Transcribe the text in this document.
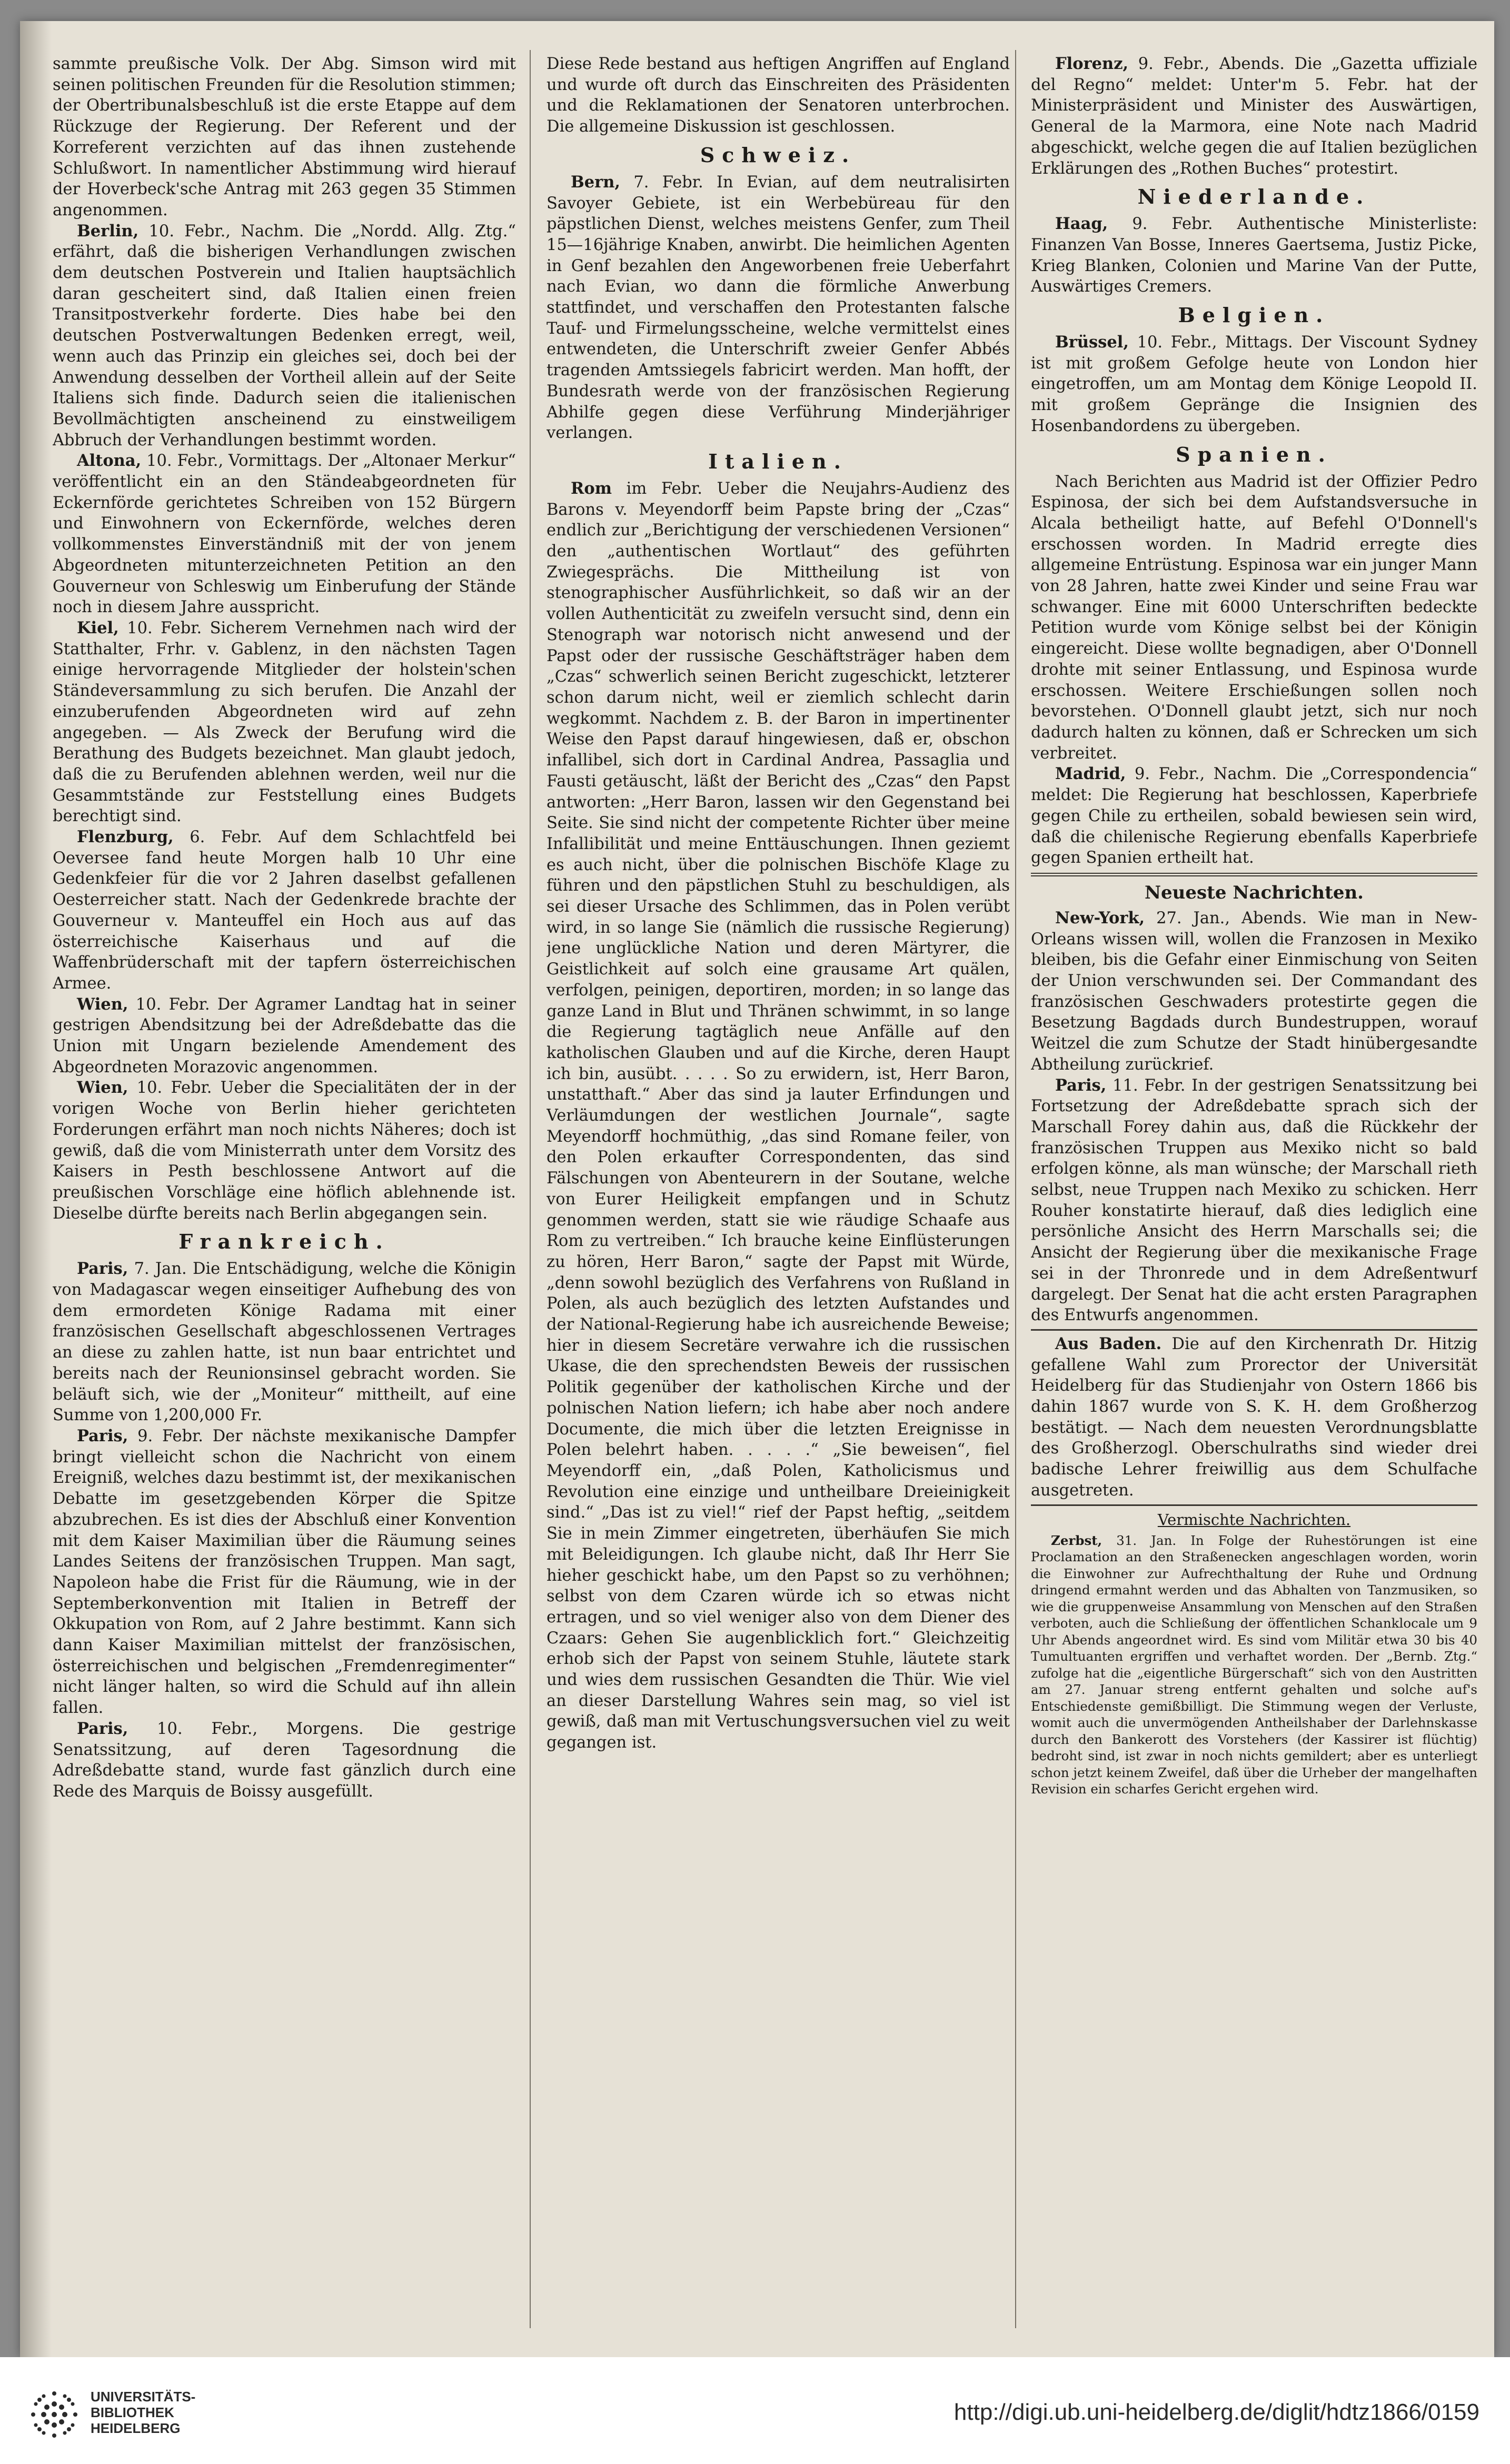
sammte preußische Volk. Der Abg. Simson wird mit seinen politischen Freunden für die Resolution stimmen; der Obertribunalsbeschluß ist die erste Etappe auf dem Rückzuge der Regierung. Der Referent und der Korreferent verzichten auf das ihnen zustehende Schlußwort. In namentlicher Abstimmung wird hierauf der Hoverbeck'sche Antrag mit 263 gegen 35 Stimmen angenommen.

Berlin, 10. Febr., Nachm. Die „Nordd. Allg. Ztg.“ erfährt, daß die bisherigen Verhandlungen zwischen dem deutschen Postverein und Italien hauptsächlich daran gescheitert sind, daß Italien einen freien Transitpostverkehr forderte. Dies habe bei den deutschen Postverwaltungen Bedenken erregt, weil, wenn auch das Prinzip ein gleiches sei, doch bei der Anwendung desselben der Vortheil allein auf der Seite Italiens sich finde. Dadurch seien die italienischen Bevollmächtigten anscheinend zu einstweiligem Abbruch der Verhandlungen bestimmt worden.

Altona, 10. Febr., Vormittags. Der „Altonaer Merkur“ veröffentlicht ein an den Ständeabgeordneten für Eckernförde gerichtetes Schreiben von 152 Bürgern und Einwohnern von Eckernförde, welches deren vollkommenstes Einverständniß mit der von jenem Abgeordneten mitunterzeichneten Petition an den Gouverneur von Schleswig um Einberufung der Stände noch in diesem Jahre ausspricht.

Kiel, 10. Febr. Sicherem Vernehmen nach wird der Statthalter, Frhr. v. Gablenz, in den nächsten Tagen einige hervorragende Mitglieder der holstein'schen Ständeversammlung zu sich berufen. Die Anzahl der einzuberufenden Abgeordneten wird auf zehn angegeben. — Als Zweck der Berufung wird die Berathung des Budgets bezeichnet. Man glaubt jedoch, daß die zu Berufenden ablehnen werden, weil nur die Gesammtstände zur Feststellung eines Budgets berechtigt sind.

Flenzburg, 6. Febr. Auf dem Schlachtfeld bei Oeversee fand heute Morgen halb 10 Uhr eine Gedenkfeier für die vor 2 Jahren daselbst gefallenen Oesterreicher statt. Nach der Gedenkrede brachte der Gouverneur v. Manteuffel ein Hoch aus auf das österreichische Kaiserhaus und auf die Waffenbrüderschaft mit der tapfern österreichischen Armee.

Wien, 10. Febr. Der Agramer Landtag hat in seiner gestrigen Abendsitzung bei der Adreßdebatte das die Union mit Ungarn bezielende Amendement des Abgeordneten Morazovic angenommen.

Wien, 10. Febr. Ueber die Specialitäten der in der vorigen Woche von Berlin hieher gerichteten Forderungen erfährt man noch nichts Näheres; doch ist gewiß, daß die vom Ministerrath unter dem Vorsitz des Kaisers in Pesth beschlossene Antwort auf die preußischen Vorschläge eine höflich ablehnende ist. Dieselbe dürfte bereits nach Berlin abgegangen sein.

Frankreich.

Paris, 7. Jan. Die Entschädigung, welche die Königin von Madagascar wegen einseitiger Aufhebung des von dem ermordeten Könige Radama mit einer französischen Gesellschaft abgeschlossenen Vertrages an diese zu zahlen hatte, ist nun baar entrichtet und bereits nach der Reunionsinsel gebracht worden. Sie beläuft sich, wie der „Moniteur“ mittheilt, auf eine Summe von 1,200,000 Fr.

Paris, 9. Febr. Der nächste mexikanische Dampfer bringt vielleicht schon die Nachricht von einem Ereigniß, welches dazu bestimmt ist, der mexikanischen Debatte im gesetzgebenden Körper die Spitze abzubrechen. Es ist dies der Abschluß einer Konvention mit dem Kaiser Maximilian über die Räumung seines Landes Seitens der französischen Truppen. Man sagt, Napoleon habe die Frist für die Räumung, wie in der Septemberkonvention mit Italien in Betreff der Okkupation von Rom, auf 2 Jahre bestimmt. Kann sich dann Kaiser Maximilian mittelst der französischen, österreichischen und belgischen „Fremdenregimenter“ nicht länger halten, so wird die Schuld auf ihn allein fallen.

Paris, 10. Febr., Morgens. Die gestrige Senatssitzung, auf deren Tagesordnung die Adreßdebatte stand, wurde fast gänzlich durch eine Rede des Marquis de Boissy ausgefüllt.

Diese Rede bestand aus heftigen Angriffen auf England und wurde oft durch das Einschreiten des Präsidenten und die Reklamationen der Senatoren unterbrochen. Die allgemeine Diskussion ist geschlossen.

Schweiz.

Bern, 7. Febr. In Evian, auf dem neutralisirten Savoyer Gebiete, ist ein Werbebüreau für den päpstlichen Dienst, welches meistens Genfer, zum Theil 15—16jährige Knaben, anwirbt. Die heimlichen Agenten in Genf bezahlen den Angeworbenen freie Ueberfahrt nach Evian, wo dann die förmliche Anwerbung stattfindet, und verschaffen den Protestanten falsche Tauf- und Firmelungsscheine, welche vermittelst eines entwendeten, die Unterschrift zweier Genfer Abbés tragenden Amtssiegels fabricirt werden. Man hofft, der Bundesrath werde von der französischen Regierung Abhilfe gegen diese Verführung Minderjähriger verlangen.

Italien.

Rom im Febr. Ueber die Neujahrs-Audienz des Barons v. Meyendorff beim Papste bring der „Czas“ endlich zur „Berichtigung der verschiedenen Versionen“ den „authentischen Wortlaut“ des geführten Zwiegesprächs. Die Mittheilung ist von stenographischer Ausführlichkeit, so daß wir an der vollen Authenticität zu zweifeln versucht sind, denn ein Stenograph war notorisch nicht anwesend und der Papst oder der russische Geschäftsträger haben dem „Czas“ schwerlich seinen Bericht zugeschickt, letzterer schon darum nicht, weil er ziemlich schlecht darin wegkommt. Nachdem z. B. der Baron in impertinenter Weise den Papst darauf hingewiesen, daß er, obschon infallibel, sich dort in Cardinal Andrea, Passaglia und Fausti getäuscht, läßt der Bericht des „Czas“ den Papst antworten: „Herr Baron, lassen wir den Gegenstand bei Seite. Sie sind nicht der competente Richter über meine Infallibilität und meine Enttäuschungen. Ihnen geziemt es auch nicht, über die polnischen Bischöfe Klage zu führen und den päpstlichen Stuhl zu beschuldigen, als sei dieser Ursache des Schlimmen, das in Polen verübt wird, in so lange Sie (nämlich die russische Regierung) jene unglückliche Nation und deren Märtyrer, die Geistlichkeit auf solch eine grausame Art quälen, verfolgen, peinigen, deportiren, morden; in so lange das ganze Land in Blut und Thränen schwimmt, in so lange die Regierung tagtäglich neue Anfälle auf den katholischen Glauben und auf die Kirche, deren Haupt ich bin, ausübt. . . . . So zu erwidern, ist, Herr Baron, unstatthaft.“ Aber das sind ja lauter Erfindungen und Verläumdungen der westlichen Journale“, sagte Meyendorff hochmüthig, „das sind Romane feiler, von den Polen erkaufter Correspondenten, das sind Fälschungen von Abenteurern in der Soutane, welche von Eurer Heiligkeit empfangen und in Schutz genommen werden, statt sie wie räudige Schaafe aus Rom zu vertreiben.“ Ich brauche keine Einflüsterungen zu hören, Herr Baron,“ sagte der Papst mit Würde, „denn sowohl bezüglich des Verfahrens von Rußland in Polen, als auch bezüglich des letzten Aufstandes und der National-Regierung habe ich ausreichende Beweise; hier in diesem Secretäre verwahre ich die russischen Ukase, die den sprechendsten Beweis der russischen Politik gegenüber der katholischen Kirche und der polnischen Nation liefern; ich habe aber noch andere Documente, die mich über die letzten Ereignisse in Polen belehrt haben. . . . .“ „Sie beweisen“, fiel Meyendorff ein, „daß Polen, Katholicismus und Revolution eine einzige und untheilbare Dreieinigkeit sind.“ „Das ist zu viel!“ rief der Papst heftig, „seitdem Sie in mein Zimmer eingetreten, überhäufen Sie mich mit Beleidigungen. Ich glaube nicht, daß Ihr Herr Sie hieher geschickt habe, um den Papst so zu verhöhnen; selbst von dem Czaren würde ich so etwas nicht ertragen, und so viel weniger also von dem Diener des Czaars: Gehen Sie augenblicklich fort.“ Gleichzeitig erhob sich der Papst von seinem Stuhle, läutete stark und wies dem russischen Gesandten die Thür. Wie viel an dieser Darstellung Wahres sein mag, so viel ist gewiß, daß man mit Vertuschungsversuchen viel zu weit gegangen ist.

Florenz, 9. Febr., Abends. Die „Gazetta uffiziale del Regno“ meldet: Unter'm 5. Febr. hat der Ministerpräsident und Minister des Auswärtigen, General de la Marmora, eine Note nach Madrid abgeschickt, welche gegen die auf Italien bezüglichen Erklärungen des „Rothen Buches“ protestirt.

Niederlande.

Haag, 9. Febr. Authentische Ministerliste: Finanzen Van Bosse, Inneres Gaertsema, Justiz Picke, Krieg Blanken, Colonien und Marine Van der Putte, Auswärtiges Cremers.

Belgien.

Brüssel, 10. Febr., Mittags. Der Viscount Sydney ist mit großem Gefolge heute von London hier eingetroffen, um am Montag dem Könige Leopold II. mit großem Gepränge die Insignien des Hosenbandordens zu übergeben.

Spanien.

Nach Berichten aus Madrid ist der Offizier Pedro Espinosa, der sich bei dem Aufstandsversuche in Alcala betheiligt hatte, auf Befehl O'Donnell's erschossen worden. In Madrid erregte dies allgemeine Entrüstung. Espinosa war ein junger Mann von 28 Jahren, hatte zwei Kinder und seine Frau war schwanger. Eine mit 6000 Unterschriften bedeckte Petition wurde vom Könige selbst bei der Königin eingereicht. Diese wollte begnadigen, aber O'Donnell drohte mit seiner Entlassung, und Espinosa wurde erschossen. Weitere Erschießungen sollen noch bevorstehen. O'Donnell glaubt jetzt, sich nur noch dadurch halten zu können, daß er Schrecken um sich verbreitet.

Madrid, 9. Febr., Nachm. Die „Correspondencia“ meldet: Die Regierung hat beschlossen, Kaperbriefe gegen Chile zu ertheilen, sobald bewiesen sein wird, daß die chilenische Regierung ebenfalls Kaperbriefe gegen Spanien ertheilt hat.

Neueste Nachrichten.

New-York, 27. Jan., Abends. Wie man in New-Orleans wissen will, wollen die Franzosen in Mexiko bleiben, bis die Gefahr einer Einmischung von Seiten der Union verschwunden sei. Der Commandant des französischen Geschwaders protestirte gegen die Besetzung Bagdads durch Bundestruppen, worauf Weitzel die zum Schutze der Stadt hinübergesandte Abtheilung zurückrief.

Paris, 11. Febr. In der gestrigen Senatssitzung bei Fortsetzung der Adreßdebatte sprach sich der Marschall Forey dahin aus, daß die Rückkehr der französischen Truppen aus Mexiko nicht so bald erfolgen könne, als man wünsche; der Marschall rieth selbst, neue Truppen nach Mexiko zu schicken. Herr Rouher konstatirte hierauf, daß dies lediglich eine persönliche Ansicht des Herrn Marschalls sei; die Ansicht der Regierung über die mexikanische Frage sei in der Thronrede und in dem Adreßentwurf dargelegt. Der Senat hat die acht ersten Paragraphen des Entwurfs angenommen.

Aus Baden. Die auf den Kirchenrath Dr. Hitzig gefallene Wahl zum Prorector der Universität Heidelberg für das Studienjahr von Ostern 1866 bis dahin 1867 wurde von S. K. H. dem Großherzog bestätigt. — Nach dem neuesten Verordnungsblatte des Großherzogl. Oberschulraths sind wieder drei badische Lehrer freiwillig aus dem Schulfache ausgetreten.

Vermischte Nachrichten.

Zerbst, 31. Jan. In Folge der Ruhestörungen ist eine Proclamation an den Straßenecken angeschlagen worden, worin die Einwohner zur Aufrechthaltung der Ruhe und Ordnung dringend ermahnt werden und das Abhalten von Tanzmusiken, so wie die gruppenweise Ansammlung von Menschen auf den Straßen verboten, auch die Schließung der öffentlichen Schanklocale um 9 Uhr Abends angeordnet wird. Es sind vom Militär etwa 30 bis 40 Tumultuanten ergriffen und verhaftet worden. Der „Bernb. Ztg.“ zufolge hat die „eigentliche Bürgerschaft“ sich von den Austritten am 27. Januar streng entfernt gehalten und solche auf's Entschiedenste gemißbilligt. Die Stimmung wegen der Verluste, womit auch die unvermögenden Antheilshaber der Darlehnskasse durch den Bankerott des Vorstehers (der Kassirer ist flüchtig) bedroht sind, ist zwar in noch nichts gemildert; aber es unterliegt schon jetzt keinem Zweifel, daß über die Urheber der mangelhaften Revision ein scharfes Gericht ergehen wird.

UNIVERSITÄTS-
BIBLIOTHEK
HEIDELBERG
http://digi.ub.uni-heidelberg.de/diglit/hdtz1866/0159
